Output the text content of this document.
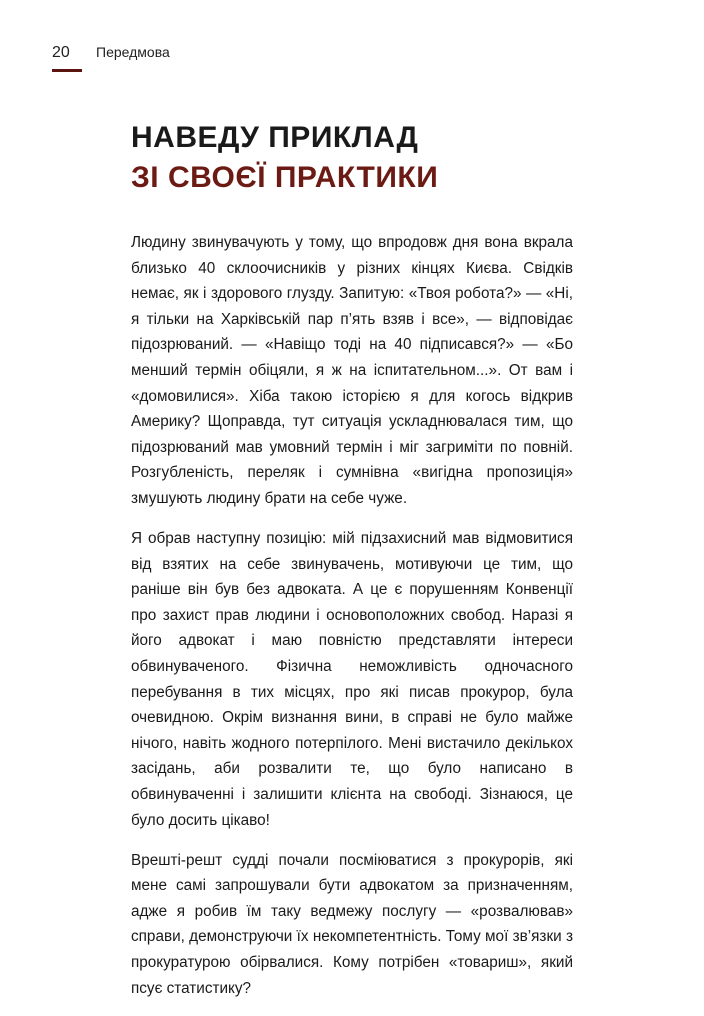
20	Передмова
НАВЕДУ ПРИКЛАД
ЗІ СВОЄЇ ПРАКТИКИ

Людину звинувачують у тому, що впродовж дня вона вкрала близько 40 склоочисників у різних кінцях Києва. Свідків немає, як і здорового глузду. Запитую: «Твоя робота?» — «Ні, я тільки на Харківській пар п’ять взяв і все», — відповідає підозрюваний. — «Навіщо тоді на 40 підписався?» — «Бо менший термін обіцяли, я ж на іспитательном...». От вам і «домовилися». Хіба такою історією я для когось відкрив Америку? Щоправда, тут ситуація ускладнювалася тим, що підозрюваний мав умовний термін і міг загриміти по повній. Розгубленість, переляк і сумнівна «вигідна пропозиція» змушують людину брати на себе чуже.

Я обрав наступну позицію: мій підзахисний мав відмовитися від взятих на себе звинувачень, мотивуючи це тим, що раніше він був без адвоката. А це є порушенням Конвенції про захист прав людини і основоположних свобод. Наразі я його адвокат і маю повністю представляти інтереси обвинуваченого. Фізична неможливість одночасного перебування в тих місцях, про які писав прокурор, була очевидною. Окрім визнання вини, в справі не було майже нічого, навіть жодного потерпілого. Мені вистачило декількох засідань, аби розвалити те, що було написано в обвинуваченні і залишити клієнта на свободі. Зізнаюся, це було досить цікаво!

Врешті-решт судді почали посміюватися з прокурорів, які мене самі запрошували бути адвокатом за призначенням, адже я робив їм таку ведмежу послугу — «розвалював» справи, демонструючи їх некомпетентність. Тому мої зв’язки з прокуратурою обірвалися. Кому потрібен «товариш», який псує статистику?
